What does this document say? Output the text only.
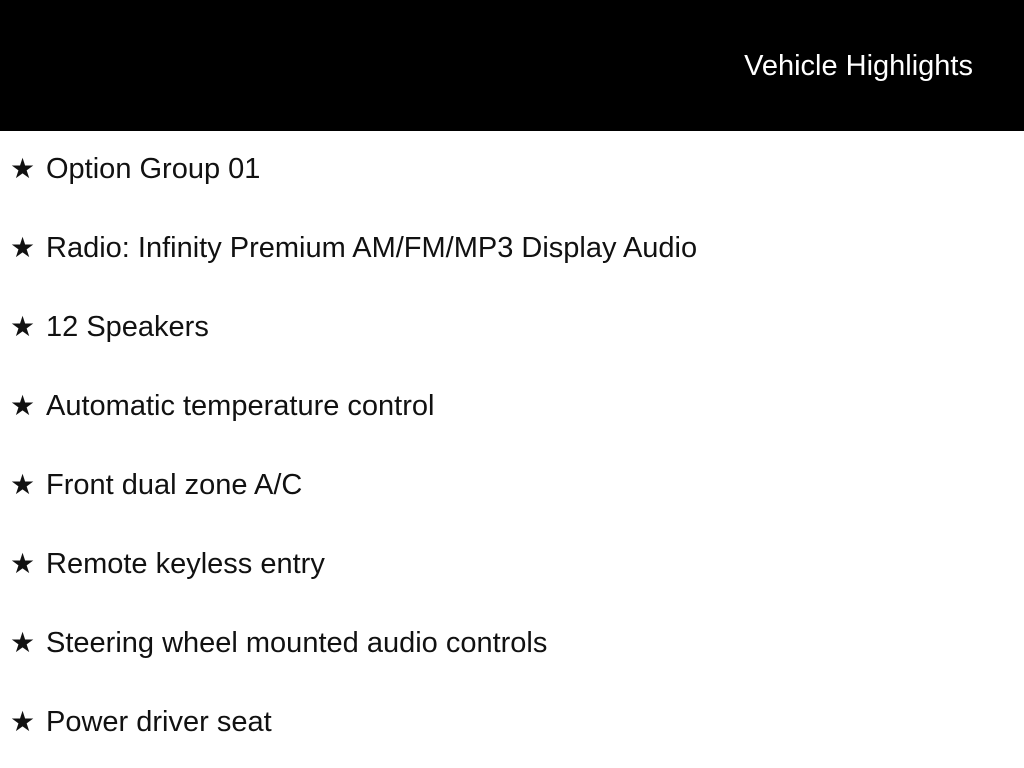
Vehicle Highlights
★ Option Group 01
★ Radio: Infinity Premium AM/FM/MP3 Display Audio
★ 12 Speakers
★ Automatic temperature control
★ Front dual zone A/C
★ Remote keyless entry
★ Steering wheel mounted audio controls
★ Power driver seat
